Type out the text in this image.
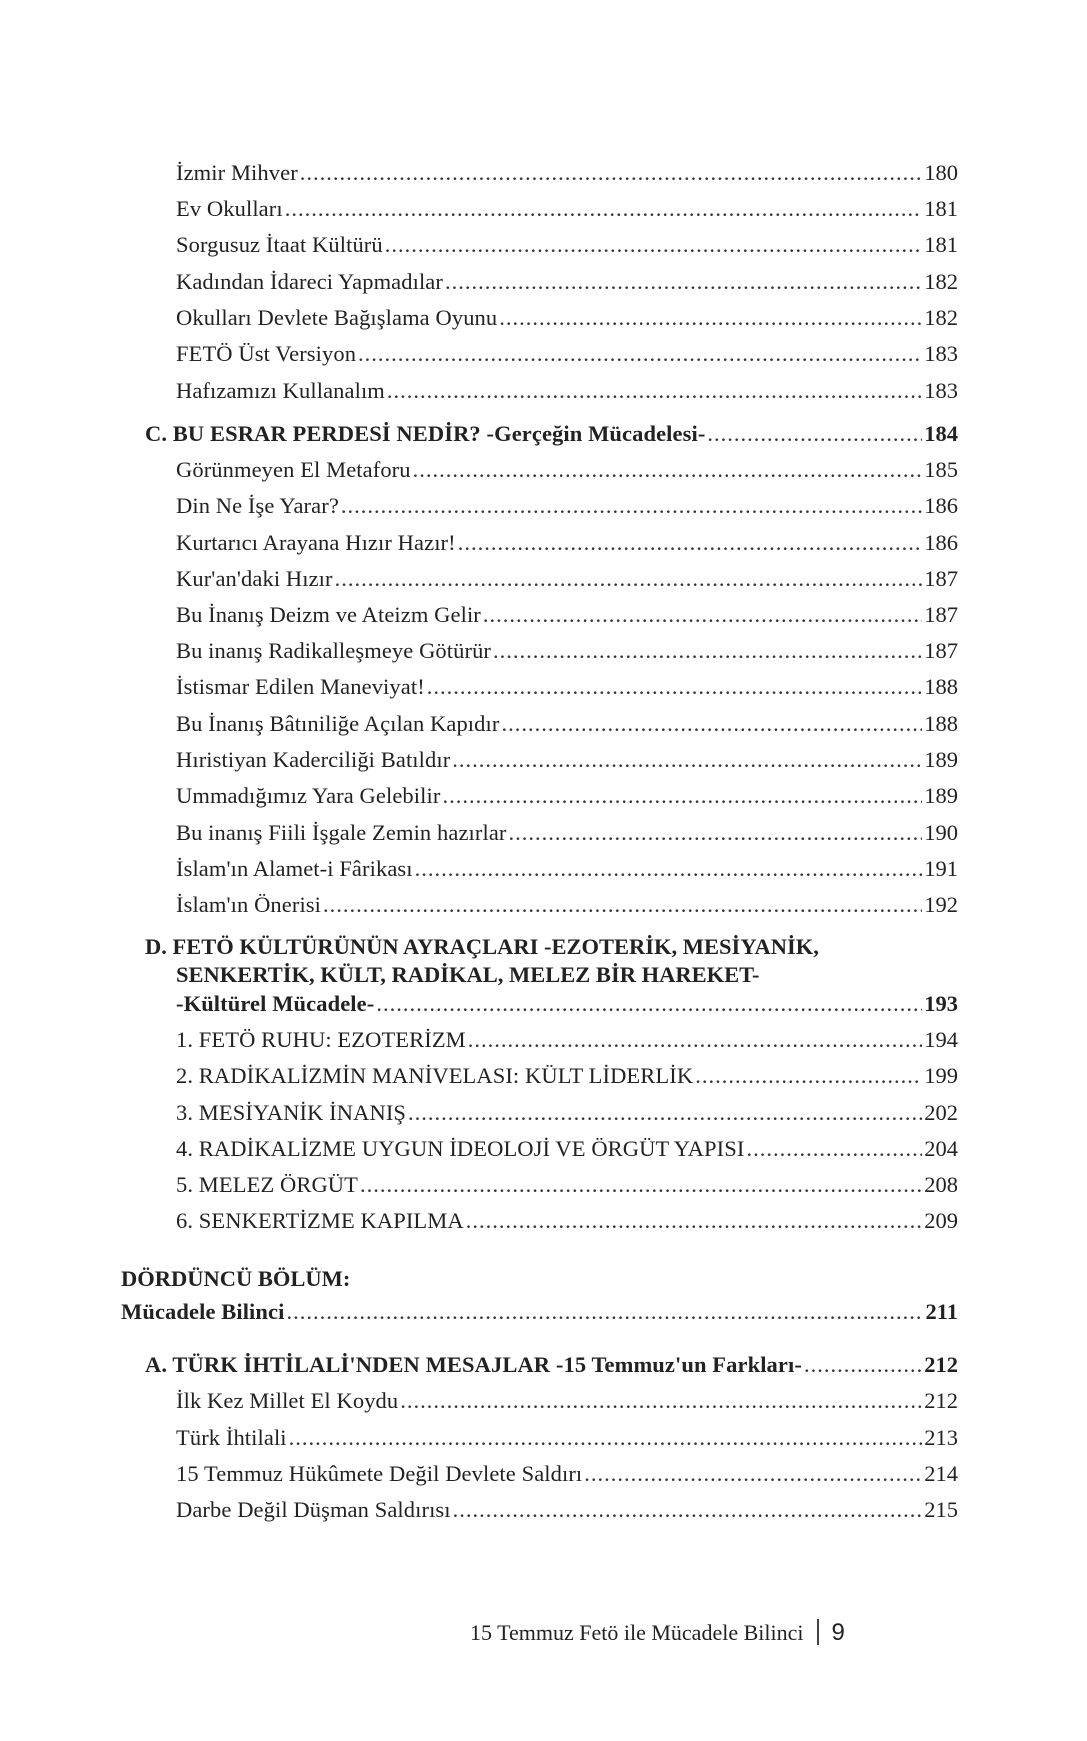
İzmir Mihver .....	180
Ev Okulları .....	181
Sorgusuz İtaat Kültürü .....	181
Kadından İdareci Yapmadılar .....	182
Okulları Devlete Bağışlama Oyunu .....	182
FETÖ Üst Versiyon .....	183
Hafızamızı Kullanalım .....	183
C. BU ESRAR PERDESİ NEDİR? -Gerçeğin Mücadelesi- .....	184
Görünmeyen El Metaforu .....	185
Din Ne İşe Yarar? .....	186
Kurtarıcı Arayana Hızır Hazır! .....	186
Kur'an'daki Hızır .....	187
Bu İnanış Deizm ve Ateizm Gelir .....	187
Bu inanış Radikalleşmeye Götürür .....	187
İstismar Edilen Maneviyat! .....	188
Bu İnanış Bâtıniliğe Açılan Kapıdır .....	188
Hıristiyan Kaderciliği Batıldır .....	189
Ummadığımız Yara Gelebilir .....	189
Bu inanış Fiili İşgale Zemin hazırlar .....	190
İslam'ın Alamet-i Fârikası .....	191
İslam'ın Önerisi .....	192
D. FETÖ KÜLTÜRÜNÜN AYRAÇLARI -EZOTERİK, MESİYANİK,
SENKERTİK, KÜLT, RADİKAL, MELEZ BİR HAREKET-
-Kültürel Mücadele- .....	193
1. FETÖ RUHU: EZOTERİZM .....	194
2. RADİKALİZMİN MANİVELASI: KÜLT LİDERLİK .....	199
3. MESİYANİK İNANIŞ .....	202
4. RADİKALİZME UYGUN İDEOLOJİ VE ÖRGÜT YAPISI .....	204
5. MELEZ ÖRGÜT .....	208
6. SENKERTİZME KAPILMA .....	209
DÖRDÜNCÜ BÖLÜM:
Mücadele Bilinci .....	211
A. TÜRK İHTİLALİ'NDEN MESAJLAR -15 Temmuz'un Farkları- .....	212
İlk Kez Millet El Koydu .....	212
Türk İhtilali .....	213
15 Temmuz Hükûmete Değil Devlete Saldırı .....	214
Darbe Değil Düşman Saldırısı .....	215
15 Temmuz Fetö ile Mücadele Bilinci 9
